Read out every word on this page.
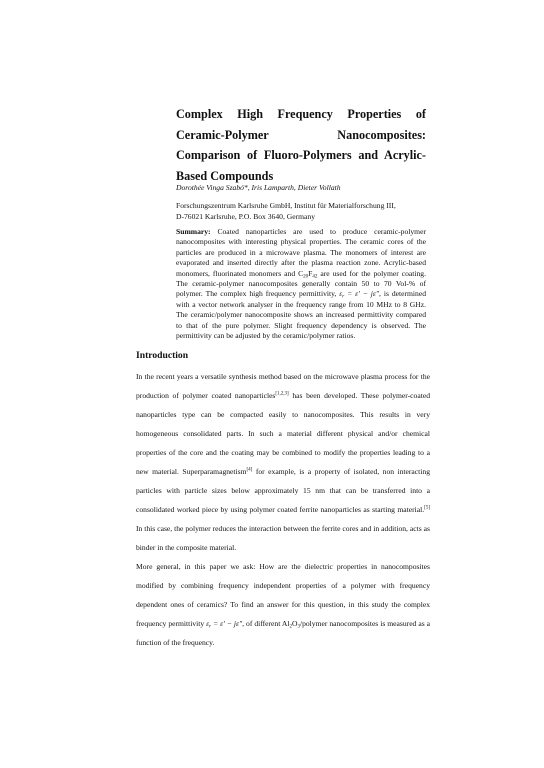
Complex High Frequency Properties of Ceramic-Polymer Nanocomposites: Comparison of Fluoro-Polymers and Acrylic-Based Compounds

Dorothée Vinga Szabó*, Iris Lamparth, Dieter Vollath

Forschungszentrum Karlsruhe GmbH, Institut für Materialforschung III,
D-76021 Karlsruhe, P.O. Box 3640, Germany

Summary: Coated nanoparticles are used to produce ceramic-polymer nanocomposites with interesting physical properties. The ceramic cores of the particles are produced in a microwave plasma. The monomers of interest are evaporated and inserted directly after the plasma reaction zone. Acrylic-based monomers, fluorinated monomers and $C_{20}F_{42}$ are used for the polymer coating. The ceramic-polymer nanocomposites generally contain 50 to 70 Vol-% of polymer. The complex high frequency permittivity, $\varepsilon_r = \varepsilon' - j\varepsilon''$, is determined with a vector network analyser in the frequency range from 10 MHz to 8 GHz. The ceramic/polymer nanocomposite shows an increased permittivity compared to that of the pure polymer. Slight frequency dependency is observed. The permittivity can be adjusted by the ceramic/polymer ratios.

Introduction

In the recent years a versatile synthesis method based on the microwave plasma process for the production of polymer coated nanoparticles[1,2,3] has been developed. These polymer-coated nanoparticles type can be compacted easily to nanocomposites. This results in very homogeneous consolidated parts. In such a material different physical and/or chemical properties of the core and the coating may be combined to modify the properties leading to a new material. Superparamagnetism[4] for example, is a property of isolated, non interacting particles with particle sizes below approximately 15 nm that can be transferred into a consolidated worked piece by using polymer coated ferrite nanoparticles as starting material.[5] In this case, the polymer reduces the interaction between the ferrite cores and in addition, acts as binder in the composite material.

More general, in this paper we ask: How are the dielectric properties in nanocomposites modified by combining frequency independent properties of a polymer with frequency dependent ones of ceramics? To find an answer for this question, in this study the complex frequency permittivity $\varepsilon_r = \varepsilon' - j\varepsilon''$, of different $Al_2O_3$/polymer nanocomposites is measured as a function of the frequency.
